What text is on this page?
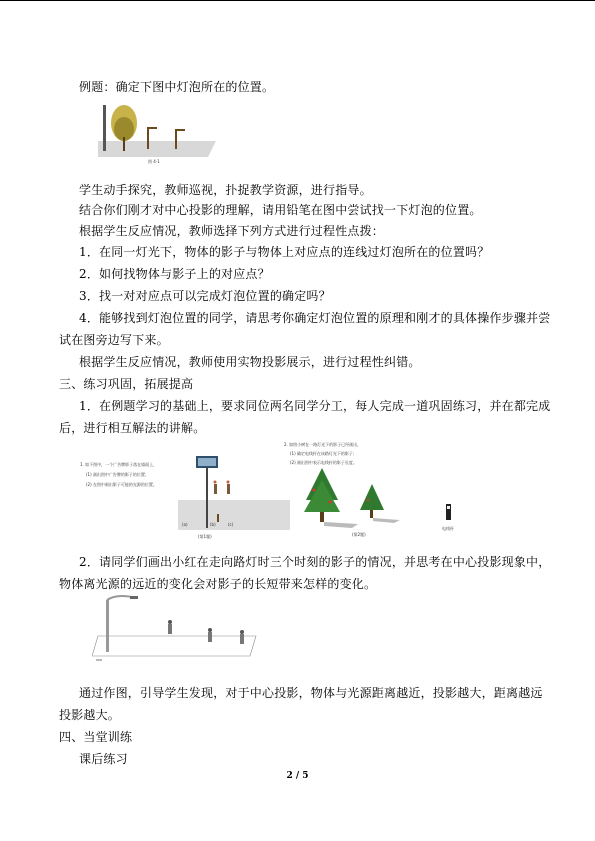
例题：确定下图中灯泡所在的位置。
图 4-1
学生动手探究，教师巡视，扑捉教学资源，进行指导。
结合你们刚才对中心投影的理解，请用铅笔在图中尝试找一下灯泡的位置。
根据学生反应情况，教师选择下列方式进行过程性点拨：
1．在同一灯光下，物体的影子与物体上对应点的连线过灯泡所在的位置吗？
2．如何找物体与影子上的对应点？
3．找一对对应点可以完成灯泡位置的确定吗？
4．能够找到灯泡位置的同学，请思考你确定灯泡位置的原理和刚才的具体操作步骤并尝
试在图旁边写下来。
根据学生反应情况，教师使用实物投影展示，进行过程性纠错。
三、练习巩固，拓展提高
1．在例题学习的基础上，要求同位两名同学分工，每人完成一道巩固练习，并在都完成
后，进行相互解法的讲解。
1. 如下图中，一个广告牌影子落在墙面上，
(1) 画出图中广告牌的影子的位置；
(2) 在图中画出影子可能的光源的位置。
(a)	(b)	(c)
(第1题)
2. 如图小树在一路灯光下的影子已经画出，
(1) 确定电线杆在该路灯光下的影子；
(2) 画出图中表示电线杆的影子长度。
电线杆
(第2题)
2．请同学们画出小红在走向路灯时三个时刻的影子的情况，并思考在中心投影现象中，
物体离光源的远近的变化会对影子的长短带来怎样的变化。
通过作图，引导学生发现，对于中心投影，物体与光源距离越近，投影越大，距离越远
投影越大。
四、当堂训练
课后练习
2 / 5
